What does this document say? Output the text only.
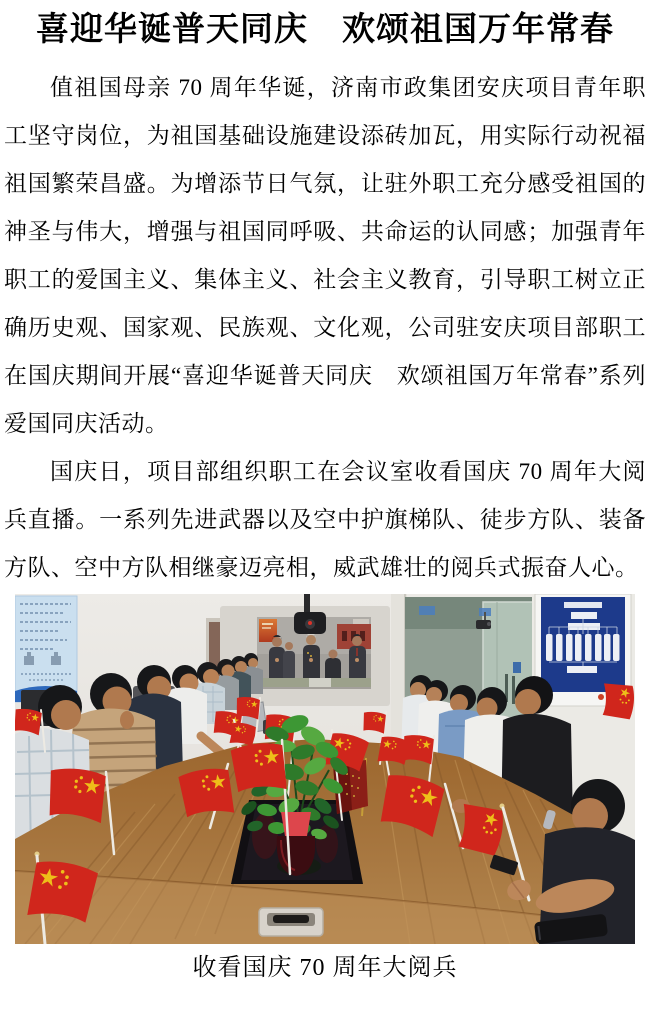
喜迎华诞普天同庆　欢颂祖国万年常春

值祖国母亲 70 周年华诞，济南市政集团安庆项目青年职工坚守岗位，为祖国基础设施建设添砖加瓦，用实际行动祝福祖国繁荣昌盛。为增添节日气氛，让驻外职工充分感受祖国的神圣与伟大，增强与祖国同呼吸、共命运的认同感；加强青年职工的爱国主义、集体主义、社会主义教育，引导职工树立正确历史观、国家观、民族观、文化观，公司驻安庆项目部职工在国庆期间开展“喜迎华诞普天同庆　欢颂祖国万年常春”系列爱国同庆活动。

国庆日，项目部组织职工在会议室收看国庆 70 周年大阅兵直播。一系列先进武器以及空中护旗梯队、徒步方队、装备方队、空中方队相继豪迈亮相，威武雄壮的阅兵式振奋人心。

收看国庆 70 周年大阅兵
